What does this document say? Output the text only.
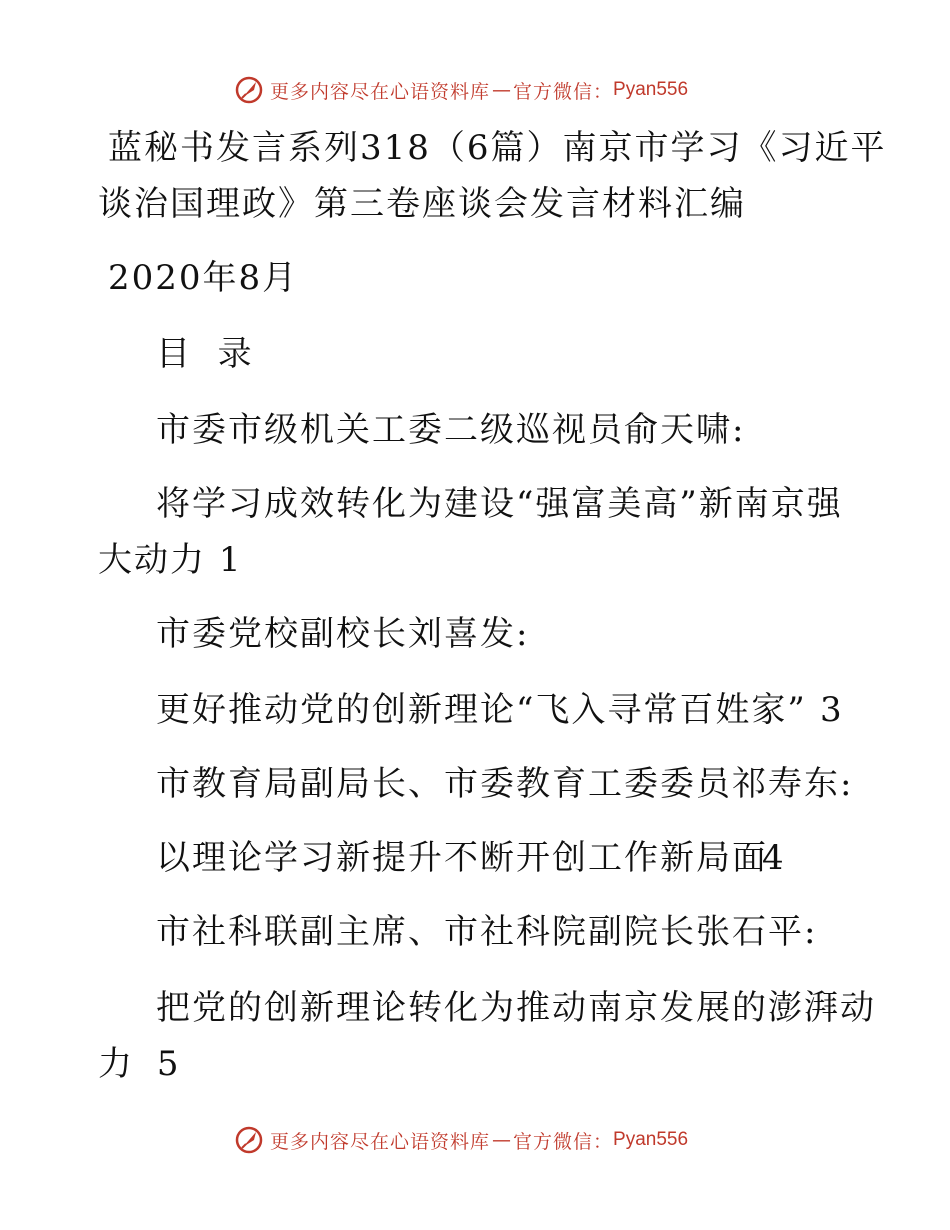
更多内容尽在心语资料库 — 官方微信： Pyan556
蓝秘书发言系列318（6篇）南京市学习《习近平
谈治国理政》第三卷座谈会发言材料汇编
2020年8月
目  录
市委市级机关工委二级巡视员俞天啸:
将学习成效转化为建设“强富美高”新南京强
大动力 1
市委党校副校长刘喜发:
更好推动党的创新理论“飞入寻常百姓家” 3
市教育局副局长、市委教育工委委员祁寿东:
以理论学习新提升不断开创工作新局面
4
市社科联副主席、市社科院副院长张石平:
把党的创新理论转化为推动南京发展的澎湃动
力 5
更多内容尽在心语资料库 — 官方微信： Pyan556
